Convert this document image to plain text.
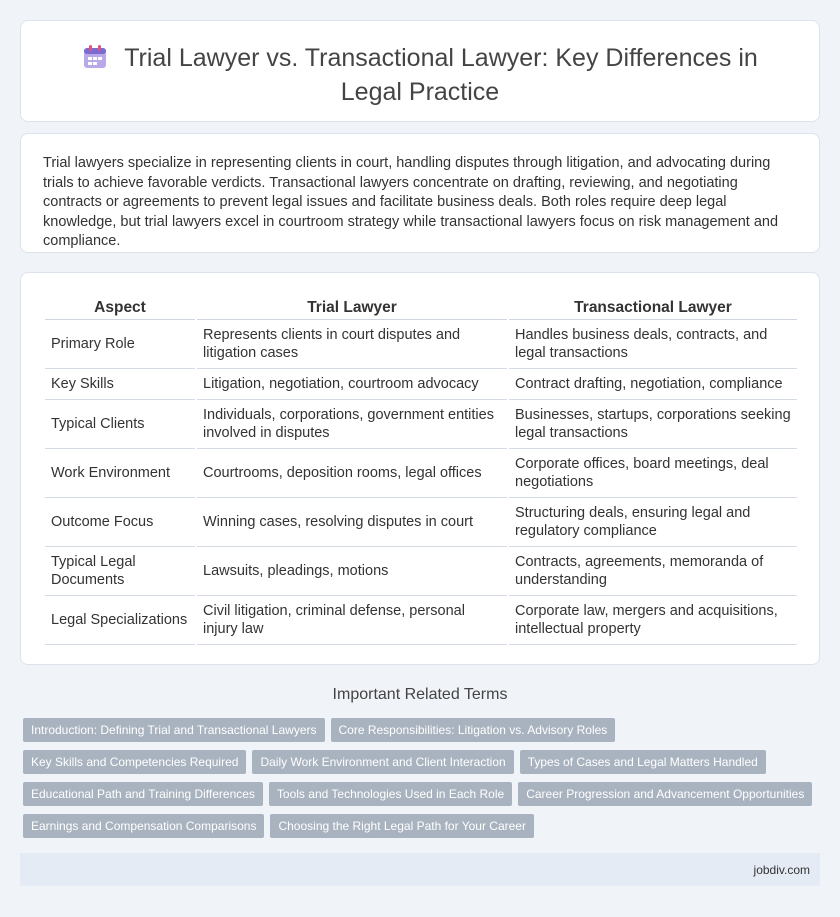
Trial Lawyer vs. Transactional Lawyer: Key Differences in Legal Practice

Trial lawyers specialize in representing clients in court, handling disputes through litigation, and advocating during trials to achieve favorable verdicts. Transactional lawyers concentrate on drafting, reviewing, and negotiating contracts or agreements to prevent legal issues and facilitate business deals. Both roles require deep legal knowledge, but trial lawyers excel in courtroom strategy while transactional lawyers focus on risk management and compliance.

Aspect	Trial Lawyer	Transactional Lawyer
Primary Role	Represents clients in court disputes and litigation cases	Handles business deals, contracts, and legal transactions
Key Skills	Litigation, negotiation, courtroom advocacy	Contract drafting, negotiation, compliance
Typical Clients	Individuals, corporations, government entities involved in disputes	Businesses, startups, corporations seeking legal transactions
Work Environment	Courtrooms, deposition rooms, legal offices	Corporate offices, board meetings, deal negotiations
Outcome Focus	Winning cases, resolving disputes in court	Structuring deals, ensuring legal and regulatory compliance
Typical Legal Documents	Lawsuits, pleadings, motions	Contracts, agreements, memoranda of understanding
Legal Specializations	Civil litigation, criminal defense, personal injury law	Corporate law, mergers and acquisitions, intellectual property
Important Related Terms
Introduction: Defining Trial and Transactional Lawyers Core Responsibilities: Litigation vs. Advisory Roles
Key Skills and Competencies Required Daily Work Environment and Client Interaction Types of Cases and Legal Matters Handled
Educational Path and Training Differences Tools and Technologies Used in Each Role Career Progression and Advancement Opportunities
Earnings and Compensation Comparisons Choosing the Right Legal Path for Your Career
jobdiv.com
